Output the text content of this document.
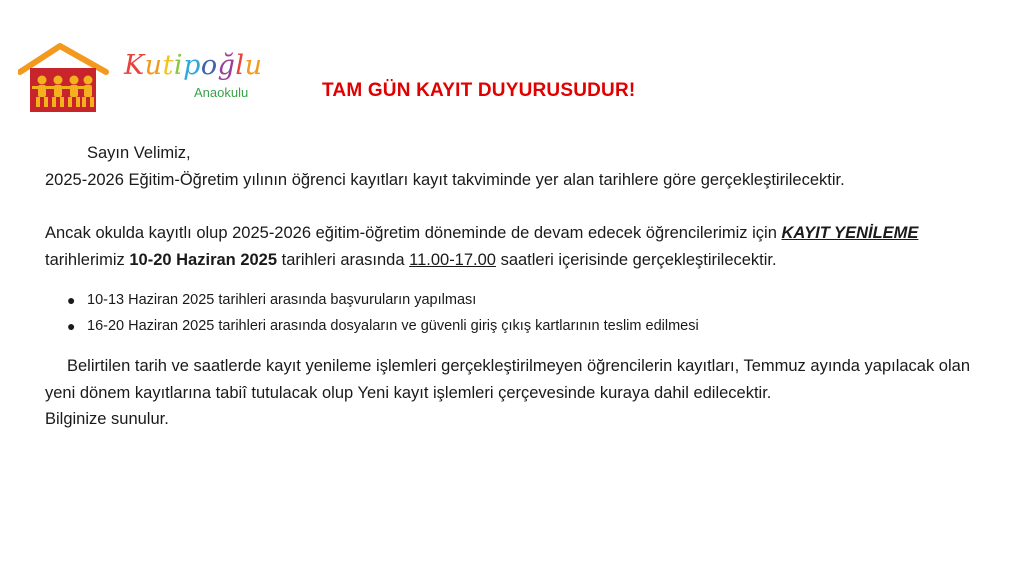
Kutipoğlu
Anaokulu	TAM GÜN KAYIT DUYURUSUDUR!

Sayın Velimiz,

2025-2026 Eğitim-Öğretim yılının öğrenci kayıtları kayıt takviminde yer alan tarihlere göre gerçekleştirilecektir.

Ancak okulda kayıtlı olup 2025-2026 eğitim-öğretim döneminde de devam edecek öğrencilerimiz için KAYIT YENİLEME tarihlerimiz 10-20 Haziran 2025 tarihleri arasında 11.00-17.00 saatleri içerisinde gerçekleştirilecektir.

● 10-13 Haziran 2025 tarihleri arasında başvuruların yapılması
● 16-20 Haziran 2025 tarihleri arasında dosyaların ve güvenli giriş çıkış kartlarının teslim edilmesi

Belirtilen tarih ve saatlerde kayıt yenileme işlemleri gerçekleştirilmeyen öğrencilerin kayıtları, Temmuz ayında yapılacak olan yeni dönem kayıtlarına tabiî tutulacak olup Yeni kayıt işlemleri çerçevesinde kuraya dahil edilecektir.

Bilginize sunulur.
